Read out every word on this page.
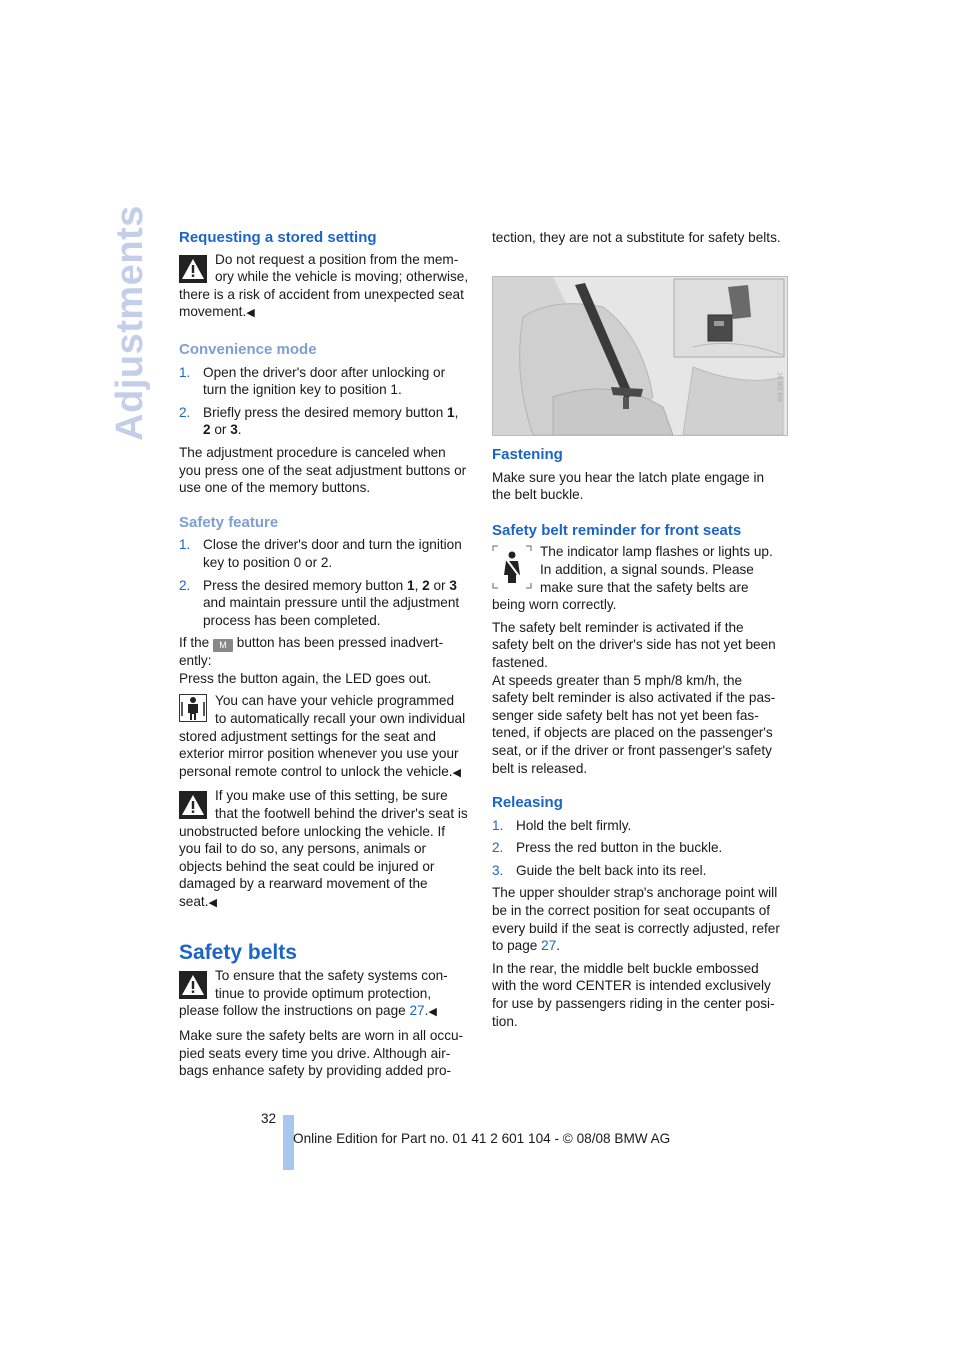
Adjustments Requesting a stored setting

Do not request a position from the mem-ory while the vehicle is moving; otherwise, there is a risk of accident from unexpected seat movement.◀

Convenience mode
1. Open the driver's door after unlocking or turn the ignition key to position 1.
2. Briefly press the desired memory button 1, 2 or 3.

The adjustment procedure is canceled when you press one of the seat adjustment buttons or use one of the memory buttons.

Safety feature
1. Close the driver's door and turn the ignition key to position 0 or 2.
2. Press the desired memory button 1, 2 or 3 and maintain pressure until the adjustment process has been completed.

If the M button has been pressed inadvert-ently:

Press the button again, the LED goes out.

You can have your vehicle programmed to automatically recall your own individual stored adjustment settings for the seat and exterior mirror position whenever you use your personal remote control to unlock the vehicle.◀

If you make use of this setting, be sure that the footwell behind the driver's seat is unobstructed before unlocking the vehicle. If you fail to do so, any persons, animals or objects behind the seat could be injured or damaged by a rearward movement of the seat.◀

Safety belts

To ensure that the safety systems con-tinue to provide optimum protection, please follow the instructions on page 27.◀

Make sure the safety belts are worn in all occu-pied seats every time you drive. Although air-bags enhance safety by providing added pro-

tection, they are not a substitute for safety belts.

W4 0M 0C
Fastening

Make sure you hear the latch plate engage in the belt buckle.

Safety belt reminder for front seats

The indicator lamp flashes or lights up. In addition, a signal sounds. Please make sure that the safety belts are being worn correctly.

The safety belt reminder is activated if the safety belt on the driver's side has not yet been fastened.

At speeds greater than 5 mph/8 km/h, the safety belt reminder is also activated if the pas-senger side safety belt has not yet been fas-tened, if objects are placed on the passenger's seat, or if the driver or front passenger's safety belt is released.

Releasing
1. Hold the belt firmly.
2. Press the red button in the buckle.
3. Guide the belt back into its reel.

The upper shoulder strap's anchorage point will be in the correct position for seat occupants of every build if the seat is correctly adjusted, refer to page 27.

In the rear, the middle belt buckle embossed with the word CENTER is intended exclusively for use by passengers riding in the center posi-tion.

32
Online Edition for Part no. 01 41 2 601 104 - © 08/08 BMW AG
